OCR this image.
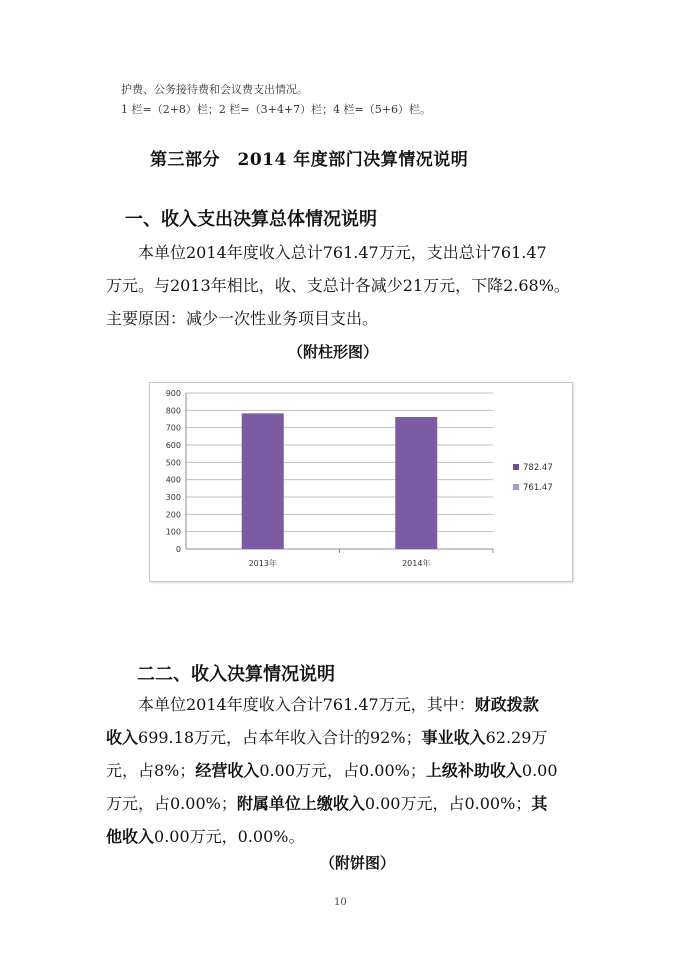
护费、公务接待费和会议费支出情况。
1 栏=（2+8）栏；2 栏=（3+4+7）栏；4 栏=（5+6）栏。
第三部分　2014 年度部门决算情况说明
一、收入支出决算总体情况说明
本单位2014年度收入总计761.47万元，支出总计761.47
万元。与2013年相比，收、支总计各减少21万元，下降2.68%。
主要原因：减少一次性业务项目支出。
（附柱形图）
0
100
200
300
400
500
600
700
800
900
2013年	2014年
782.47
761.47
二二、收入决算情况说明
本单位2014年度收入合计761.47万元，其中：财政拨款
收入699.18万元，占本年收入合计的92%；事业收入62.29万
元，占8%；经营收入0.00万元，占0.00%；上级补助收入0.00
万元，占0.00%；附属单位上缴收入0.00万元，占0.00%；其
他收入0.00万元，0.00%。
（附饼图）
10
